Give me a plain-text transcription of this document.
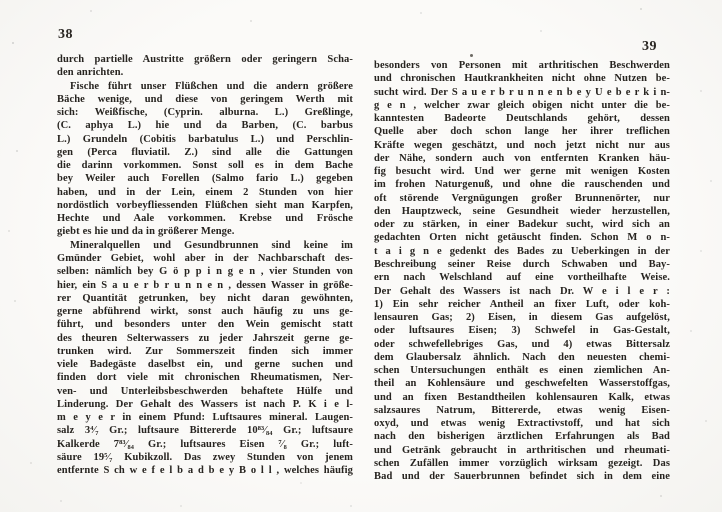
38
39
durch partielle Austritte größern oder geringern Scha-
den anrichten.
Fische führt unser Flüßchen und die andern größere
Bäche wenige, und diese von geringem Werth mit
sich: Weißfische, (Cyprin. alburna. L.) Greßlinge,
(C. aphya L.) hie und da Barben, (C. barbus
L.) Grundeln (Cobitis barbatulus L.) und Perschlin-
gen (Perca fluviatil. Z.) sind alle die Gattungen
die darinn vorkommen. Sonst soll es in dem Bache
bey Weiler auch Forellen (Salmo fario L.) gegeben
haben, und in der Lein, einem 2 Stunden von hier
nordöstlich vorbeyfliessenden Flüßchen sieht man Karpfen,
Hechte und Aale vorkommen. Krebse und Frösche
giebt es hie und da in größerer Menge.
Mineralquellen und Gesundbrunnen sind keine im
Gmünder Gebiet, wohl aber in der Nachbarschaft des-
selben: nämlich bey G ö p p i n g e n , vier Stunden von
hier, ein S a u e r b r u n n e n , dessen Wasser in größe-
rer Quantität getrunken, bey nicht daran gewöhnten,
gerne abführend wirkt, sonst auch häufig zu uns ge-
führt, und besonders unter den Wein gemischt statt
des theuren Selterwassers zu jeder Jahrszeit gerne ge-
trunken wird. Zur Sommerszeit finden sich immer
viele Badegäste daselbst ein, und gerne suchen und
finden dort viele mit chronischen Rheumatismen, Ner-
ven- und Unterleibsbeschwerden behaftete Hülfe und
Linderung. Der Gehalt des Wassers ist nach P. K i e l-
m e y e r in einem Pfund: Luftsaures mineral. Laugen-
salz 3⁴⁄₇ Gr.; luftsaure Bittererde 10⁸³⁄₈₄ Gr.; luftsaure
Kalkerde 7⁸³⁄₈₄ Gr.; luftsaures Eisen ⁷⁄₈ Gr.; luft-
säure 19⁵⁄₇ Kubikzoll. Das zwey Stunden von jenem
entfernte S ch w e f e l b a d b e y B o l l , welches häufig
besonders von Personen mit arthritischen Beschwerden
und chronischen Hautkrankheiten nicht ohne Nutzen be-
sucht wird. Der S a u e r b r u n n e n b e y U e b e r k i n-
g e n , welcher zwar gleich obigen nicht unter die be-
kanntesten Badeorte Deutschlands gehört, dessen
Quelle aber doch schon lange her ihrer treflichen
Kräfte wegen geschätzt, und noch jetzt nicht nur aus
der Nähe, sondern auch von entfernten Kranken häu-
fig besucht wird. Und wer gerne mit wenigen Kosten
im frohen Naturgenuß, und ohne die rauschenden und
oft störende Vergnügungen großer Brunnenörter, nur
den Hauptzweck, seine Gesundheit wieder herzustellen,
oder zu stärken, in einer Badekur sucht, wird sich an
gedachten Orten nicht getäuscht finden. Schon M o n-
t a i g n e gedenkt des Bades zu Ueberkingen in der
Beschreibung seiner Reise durch Schwaben und Bay-
ern nach Welschland auf eine vortheilhafte Weise.
Der Gehalt des Wassers ist nach Dr. W e i l e r :
1) Ein sehr reicher Antheil an fixer Luft, oder koh-
lensauren Gas; 2) Eisen, in diesem Gas aufgelöst,
oder luftsaures Eisen; 3) Schwefel in Gas-Gestalt,
oder schwefellebriges Gas, und 4) etwas Bittersalz
dem Glaubersalz ähnlich. Nach den neuesten chemi-
schen Untersuchungen enthält es einen ziemlichen An-
theil an Kohlensäure und geschwefelten Wasserstoffgas,
und an fixen Bestandtheilen kohlensauren Kalk, etwas
salzsaures Natrum, Bittererde, etwas wenig Eisen-
oxyd, und etwas wenig Extractivstoff, und hat sich
nach den bisherigen ärztlichen Erfahrungen als Bad
und Getränk gebraucht in arthritischen und rheumati-
schen Zufällen immer vorzüglich wirksam gezeigt. Das
Bad und der Sauerbrunnen befindet sich in dem eine
